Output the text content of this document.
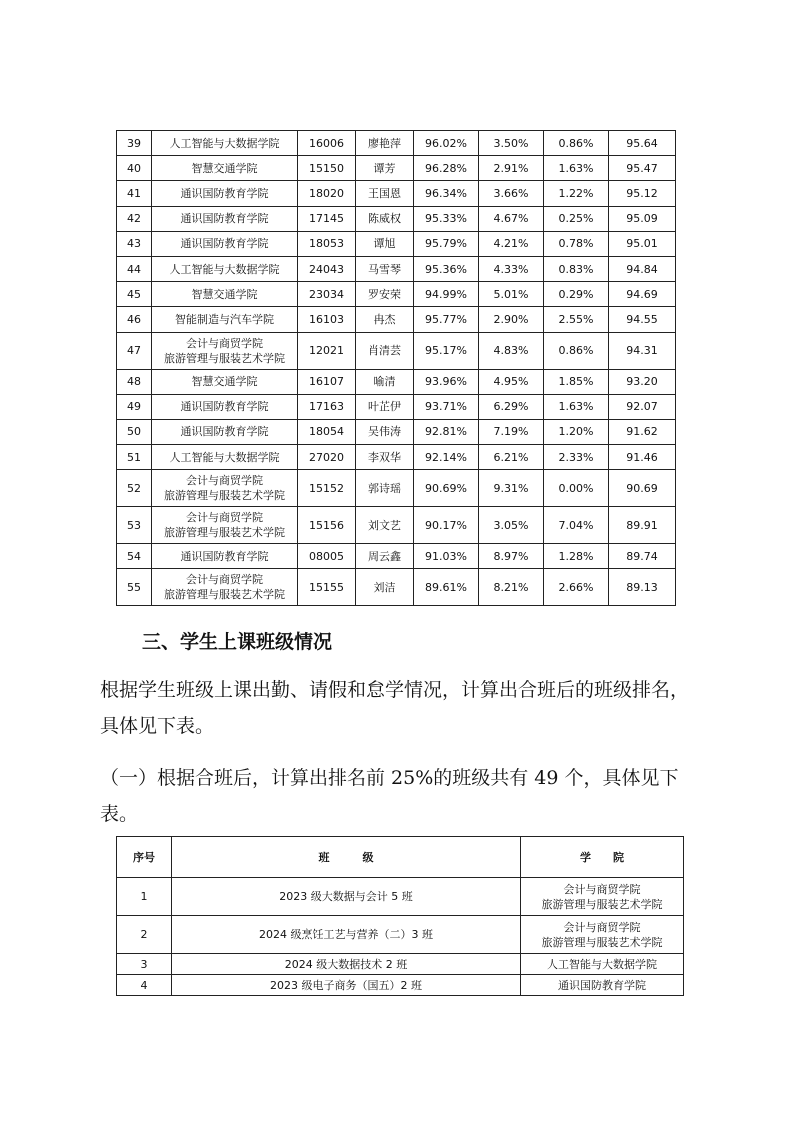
39	人工智能与大数据学院	16006	廖艳萍	96.02%	3.50%	0.86%	95.64
40	智慧交通学院	15150	谭芳	96.28%	2.91%	1.63%	95.47
41	通识国防教育学院	18020	王国恩	96.34%	3.66%	1.22%	95.12
42	通识国防教育学院	17145	陈威权	95.33%	4.67%	0.25%	95.09
43	通识国防教育学院	18053	谭旭	95.79%	4.21%	0.78%	95.01
44	人工智能与大数据学院	24043	马雪琴	95.36%	4.33%	0.83%	94.84
45	智慧交通学院	23034	罗安荣	94.99%	5.01%	0.29%	94.69
46	智能制造与汽车学院	16103	冉杰	95.77%	2.90%	2.55%	94.55
47	会计与商贸学院
旅游管理与服装艺术学院	12021	肖清芸	95.17%	4.83%	0.86%	94.31
48	智慧交通学院	16107	喻清	93.96%	4.95%	1.85%	93.20
49	通识国防教育学院	17163	叶芷伊	93.71%	6.29%	1.63%	92.07
50	通识国防教育学院	18054	吴伟涛	92.81%	7.19%	1.20%	91.62
51	人工智能与大数据学院	27020	李双华	92.14%	6.21%	2.33%	91.46
52	会计与商贸学院
旅游管理与服装艺术学院	15152	郭诗瑶	90.69%	9.31%	0.00%	90.69
53	会计与商贸学院
旅游管理与服装艺术学院	15156	刘文艺	90.17%	3.05%	7.04%	89.91
54	通识国防教育学院	08005	周云鑫	91.03%	8.97%	1.28%	89.74
55	会计与商贸学院
旅游管理与服装艺术学院	15155	刘洁	89.61%	8.21%	2.66%	89.13
三、学生上课班级情况

根据学生班级上课出勤、请假和怠学情况，计算出合班后的班级排名，具体见下表。

（一）根据合班后，计算出排名前 25%的班级共有 49 个，具体见下表。

序号	班　　　级	学　　院
1	2023 级大数据与会计 5 班	会计与商贸学院
旅游管理与服装艺术学院

2	2024 级烹饪工艺与营养（二）3 班	会计与商贸学院
旅游管理与服装艺术学院

3	2024 级大数据技术 2 班	人工智能与大数据学院

4	2023 级电子商务（国五）2 班	通识国防教育学院
